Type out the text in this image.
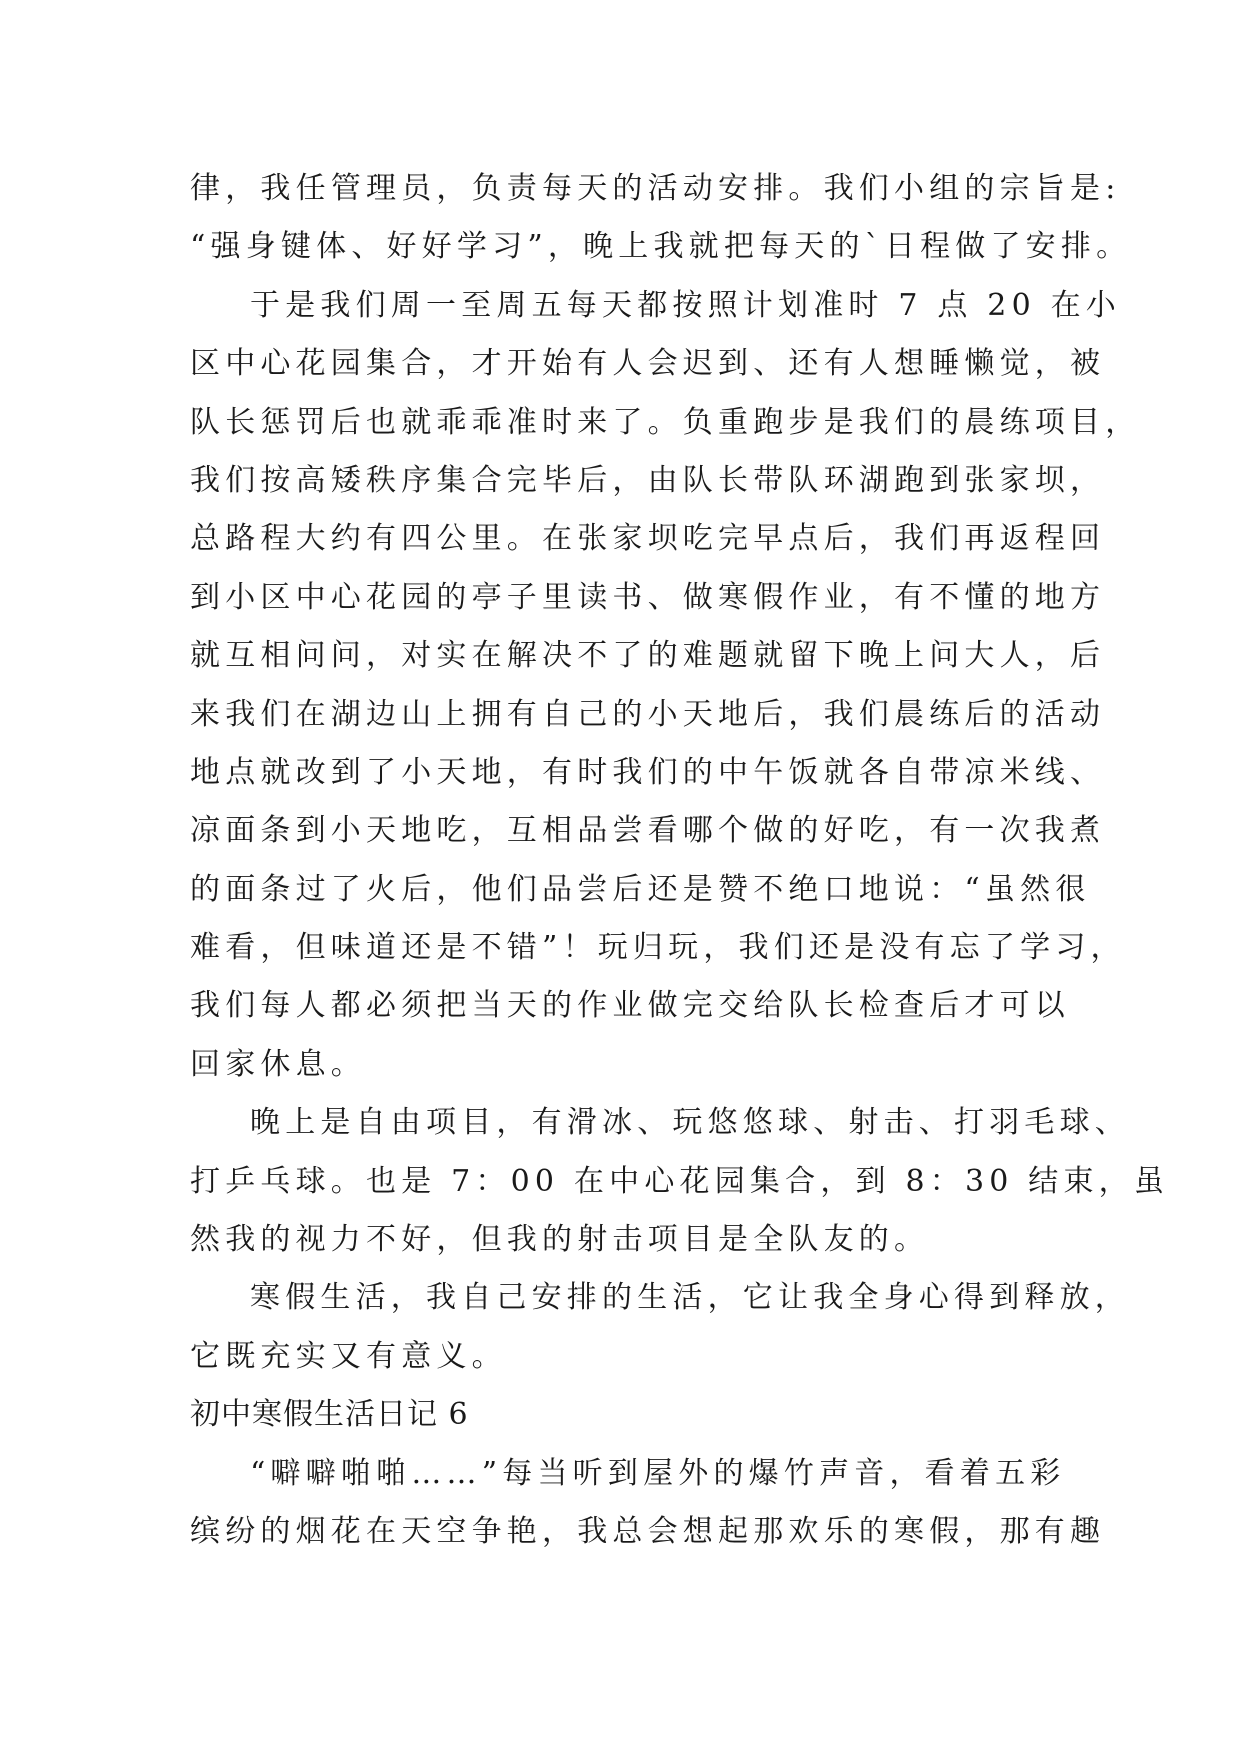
律，我任管理员，负责每天的活动安排。我们小组的宗旨是:
“强身键体、好好学习”，晚上我就把每天的`日程做了安排。
于是我们周一至周五每天都按照计划准时 7 点 20 在小
区中心花园集合，才开始有人会迟到、还有人想睡懒觉，被
队长惩罚后也就乖乖准时来了。负重跑步是我们的晨练项目，
我们按高矮秩序集合完毕后，由队长带队环湖跑到张家坝，
总路程大约有四公里。在张家坝吃完早点后，我们再返程回
到小区中心花园的亭子里读书、做寒假作业，有不懂的地方
就互相问问，对实在解决不了的难题就留下晚上问大人，后
来我们在湖边山上拥有自己的小天地后，我们晨练后的活动
地点就改到了小天地，有时我们的中午饭就各自带凉米线、
凉面条到小天地吃，互相品尝看哪个做的好吃，有一次我煮
的面条过了火后，他们品尝后还是赞不绝口地说：“虽然很
难看，但味道还是不错”！玩归玩，我们还是没有忘了学习，
我们每人都必须把当天的作业做完交给队长检查后才可以
回家休息。
晚上是自由项目，有滑冰、玩悠悠球、射击、打羽毛球、
打乒乓球。也是 7：00 在中心花园集合，到 8：30 结束，虽
然我的视力不好，但我的射击项目是全队友的。
寒假生活，我自己安排的生活，它让我全身心得到释放，
它既充实又有意义。
初中寒假生活日记 6
“噼噼啪啪……”每当听到屋外的爆竹声音，看着五彩
缤纷的烟花在天空争艳，我总会想起那欢乐的寒假，那有趣
